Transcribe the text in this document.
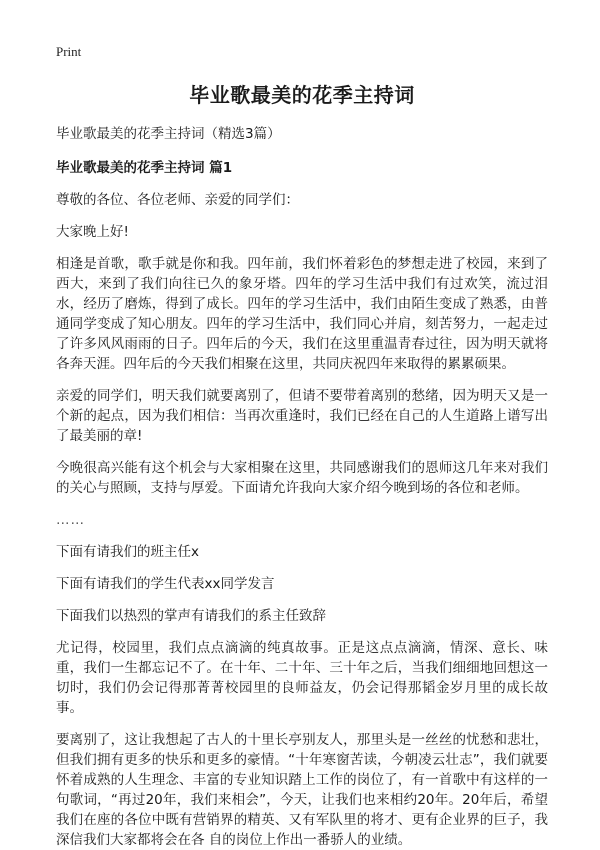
Print
毕业歌最美的花季主持词
毕业歌最美的花季主持词（精选3篇）
毕业歌最美的花季主持词 篇1

尊敬的各位、各位老师、亲爱的同学们：

大家晚上好!

相逢是首歌，歌手就是你和我。四年前，我们怀着彩色的梦想走进了校园，来到了西大，来到了我们向往已久的象牙塔。四年的学习生活中我们有过欢笑，流过泪水，经历了磨炼，得到了成长。四年的学习生活中，我们由陌生变成了熟悉，由普通同学变成了知心朋友。四年的学习生活中，我们同心并肩，刻苦努力，一起走过了许多风风雨雨的日子。四年后的今天，我们在这里重温青春过往，因为明天就将各奔天涯。四年后的今天我们相聚在这里，共同庆祝四年来取得的累累硕果。

亲爱的同学们，明天我们就要离别了，但请不要带着离别的愁绪，因为明天又是一个新的起点，因为我们相信：当再次重逢时，我们已经在自己的人生道路上谱写出了最美丽的章!

今晚很高兴能有这个机会与大家相聚在这里，共同感谢我们的恩师这几年来对我们的关心与照顾，支持与厚爱。下面请允许我向大家介绍今晚到场的各位和老师。

……

下面有请我们的班主任x

下面有请我们的学生代表xx同学发言

下面我们以热烈的掌声有请我们的系主任致辞

尤记得，校园里，我们点点滴滴的纯真故事。正是这点点滴滴，情深、意长、味重，我们一生都忘记不了。在十年、二十年、三十年之后，当我们细细地回想这一切时，我们仍会记得那菁菁校园里的良师益友，仍会记得那韬金岁月里的成长故事。

要离别了，这让我想起了古人的十里长亭别友人，那里头是一丝丝的忧愁和悲壮，但我们拥有更多的快乐和更多的豪情。“十年寒窗苦读，今朝凌云壮志”，我们就要怀着成熟的人生理念、丰富的专业知识踏上工作的岗位了，有一首歌中有这样的一句歌词，“再过20年，我们来相会”，今天，让我们也来相约20年。20年后，希望我们在座的各位中既有营销界的精英、又有军队里的将才、更有企业界的巨子，我深信我们大家都将会在各 自的岗位上作出一番骄人的业绩。
